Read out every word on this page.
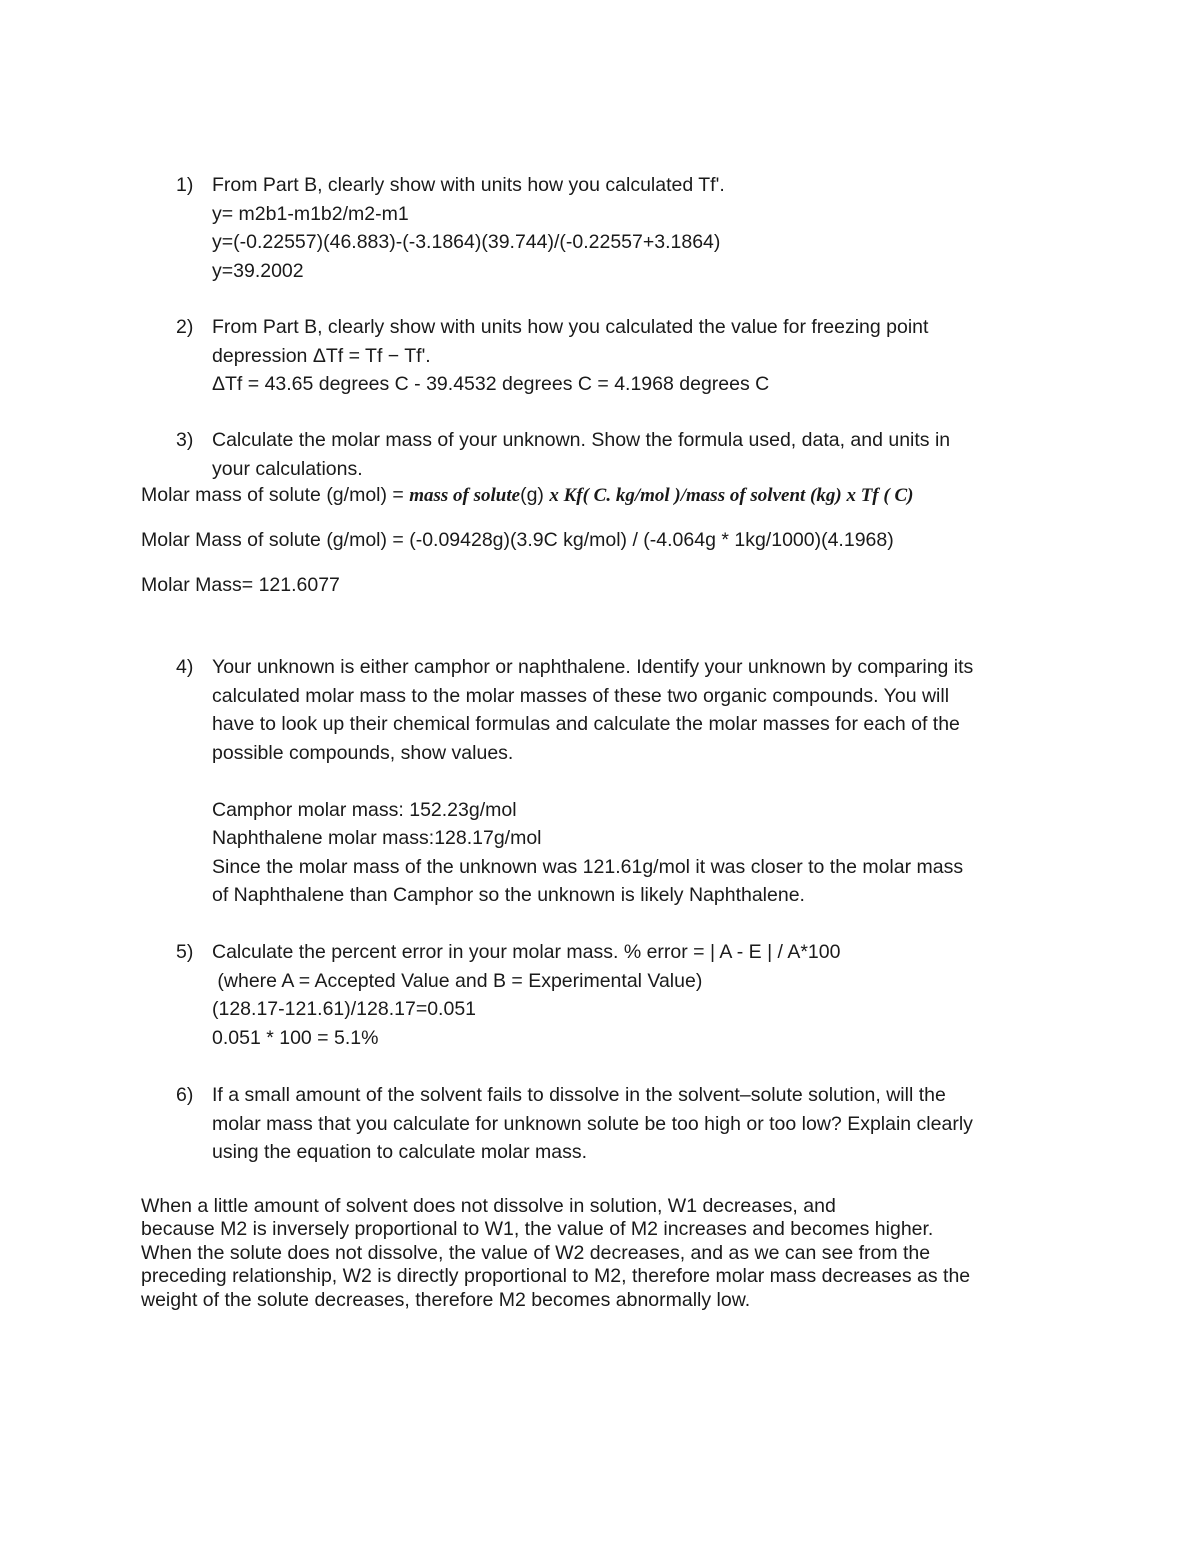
1) From Part B, clearly show with units how you calculated Tf'.
y= m2b1-m1b2/m2-m1
y=(-0.22557)(46.883)-(-3.1864)(39.744)/(-0.22557+3.1864)
y=39.2002
2) From Part B, clearly show with units how you calculated the value for freezing point
depression ΔTf = Tf − Tf'.
ΔTf = 43.65 degrees C - 39.4532 degrees C = 4.1968 degrees C
3) Calculate the molar mass of your unknown. Show the formula used, data, and units in
your calculations.
Molar mass of solute (g/mol) = mass of solute(g) x Kf( C. kg/mol )/mass of solvent (kg) x Tf ( C)
Molar Mass of solute (g/mol) = (-0.09428g)(3.9C kg/mol) / (-4.064g * 1kg/1000)(4.1968)
Molar Mass= 121.6077
4) Your unknown is either camphor or naphthalene. Identify your unknown by comparing its
calculated molar mass to the molar masses of these two organic compounds. You will
have to look up their chemical formulas and calculate the molar masses for each of the
possible compounds, show values.
Camphor molar mass: 152.23g/mol
Naphthalene molar mass:128.17g/mol
Since the molar mass of the unknown was 121.61g/mol it was closer to the molar mass
of Naphthalene than Camphor so the unknown is likely Naphthalene.
5) Calculate the percent error in your molar mass. % error = | A - E | / A*100
(where A = Accepted Value and B = Experimental Value)
(128.17-121.61)/128.17=0.051
0.051 * 100 = 5.1%
6) If a small amount of the solvent fails to dissolve in the solvent–solute solution, will the
molar mass that you calculate for unknown solute be too high or too low? Explain clearly
using the equation to calculate molar mass.
When a little amount of solvent does not dissolve in solution, W1 decreases, and
because M2 is inversely proportional to W1, the value of M2 increases and becomes higher.
When the solute does not dissolve, the value of W2 decreases, and as we can see from the
preceding relationship, W2 is directly proportional to M2, therefore molar mass decreases as the
weight of the solute decreases, therefore M2 becomes abnormally low.
